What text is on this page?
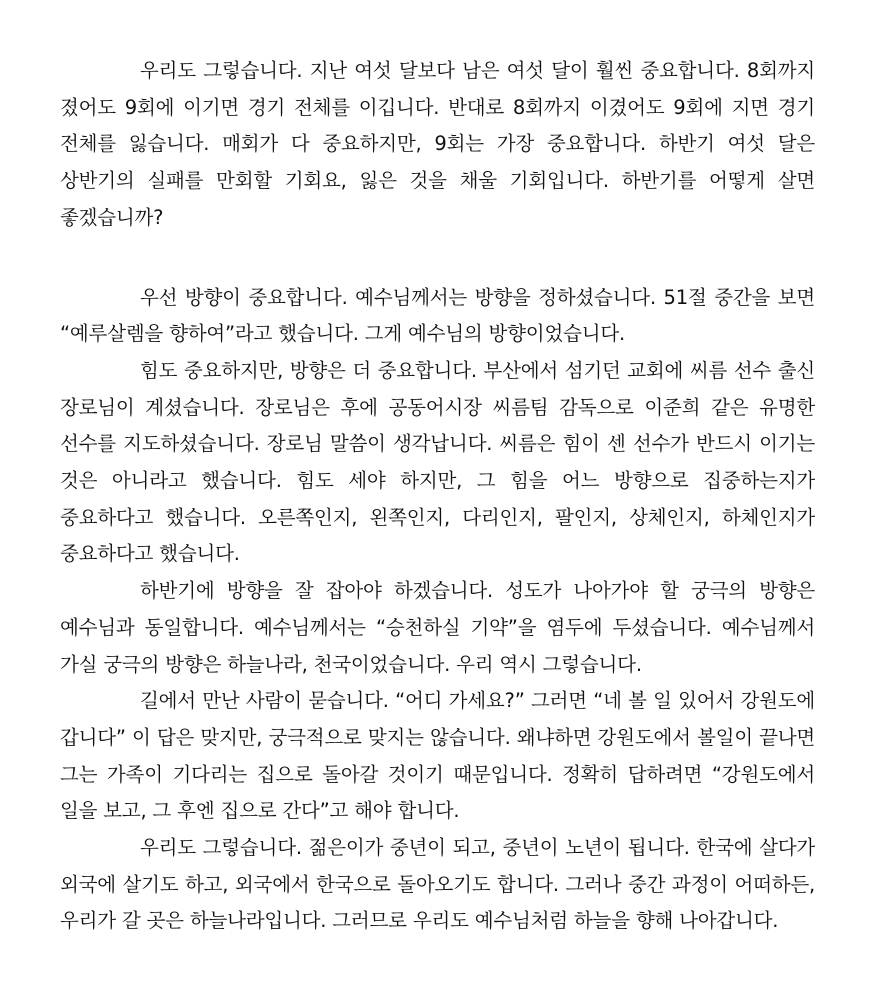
우리도 그렇습니다. 지난 여섯 달보다 남은 여섯 달이 훨씬 중요합니다. 8회까지 졌어도 9회에 이기면 경기 전체를 이깁니다. 반대로 8회까지 이겼어도 9회에 지면 경기 전체를 잃습니다. 매회가 다 중요하지만, 9회는 가장 중요합니다. 하반기 여섯 달은 상반기의 실패를 만회할 기회요, 잃은 것을 채울 기회입니다. 하반기를 어떻게 살면 좋겠습니까?

우선 방향이 중요합니다. 예수님께서는 방향을 정하셨습니다. 51절 중간을 보면 “예루살렘을 향하여”라고 했습니다. 그게 예수님의 방향이었습니다.

힘도 중요하지만, 방향은 더 중요합니다. 부산에서 섬기던 교회에 씨름 선수 출신 장로님이 계셨습니다. 장로님은 후에 공동어시장 씨름팀 감독으로 이준희 같은 유명한 선수를 지도하셨습니다. 장로님 말씀이 생각납니다. 씨름은 힘이 센 선수가 반드시 이기는 것은 아니라고 했습니다. 힘도 세야 하지만, 그 힘을 어느 방향으로 집중하는지가 중요하다고 했습니다. 오른쪽인지, 왼쪽인지, 다리인지, 팔인지, 상체인지, 하체인지가 중요하다고 했습니다.

하반기에 방향을 잘 잡아야 하겠습니다. 성도가 나아가야 할 궁극의 방향은 예수님과 동일합니다. 예수님께서는 “승천하실 기약”을 염두에 두셨습니다. 예수님께서 가실 궁극의 방향은 하늘나라, 천국이었습니다. 우리 역시 그렇습니다.

길에서 만난 사람이 묻습니다. “어디 가세요?” 그러면 “네 볼 일 있어서 강원도에 갑니다” 이 답은 맞지만, 궁극적으로 맞지는 않습니다. 왜냐하면 강원도에서 볼일이 끝나면 그는 가족이 기다리는 집으로 돌아갈 것이기 때문입니다. 정확히 답하려면 “강원도에서 일을 보고, 그 후엔 집으로 간다”고 해야 합니다.

우리도 그렇습니다. 젊은이가 중년이 되고, 중년이 노년이 됩니다. 한국에 살다가 외국에 살기도 하고, 외국에서 한국으로 돌아오기도 합니다. 그러나 중간 과정이 어떠하든, 우리가 갈 곳은 하늘나라입니다. 그러므로 우리도 예수님처럼 하늘을 향해 나아갑니다.
